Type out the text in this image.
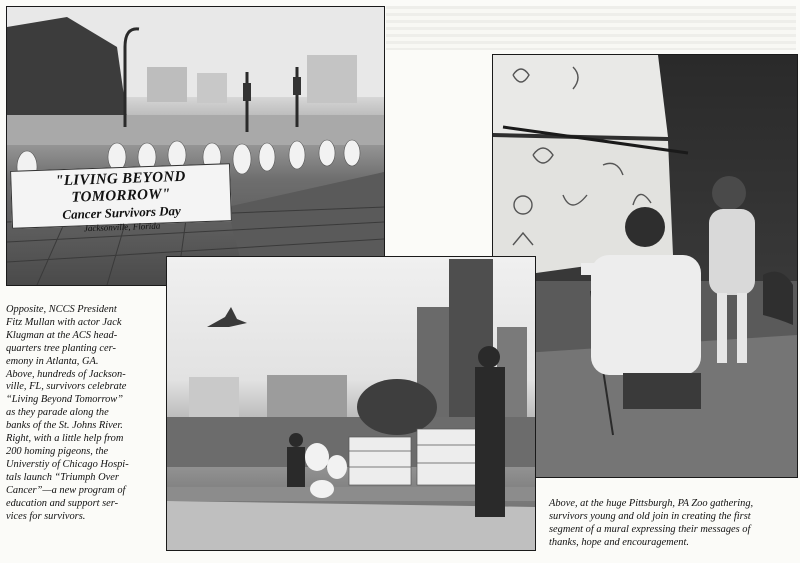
"LIVING BEYOND TOMORROW"
Cancer Survivors Day
Jacksonville, Florida
Opposite, NCCS President
Fitz Mullan with actor Jack
Klugman at the ACS head-
quarters tree planting cer-
emony in Atlanta, GA.
Above, hundreds of Jackson-
ville, FL, survivors celebrate
“Living Beyond Tomorrow”
as they parade along the
banks of the St. Johns River.
Right, with a little help from
200 homing pigeons, the
Universtiy of Chicago Hospi-
tals launch “Triumph Over
Cancer”—a new program of
education and support ser-
vices for survivors.
Above, at the huge Pittsburgh, PA Zoo gathering,
survivors young and old join in creating the first
segment of a mural expressing their messages of
thanks, hope and encouragement.
